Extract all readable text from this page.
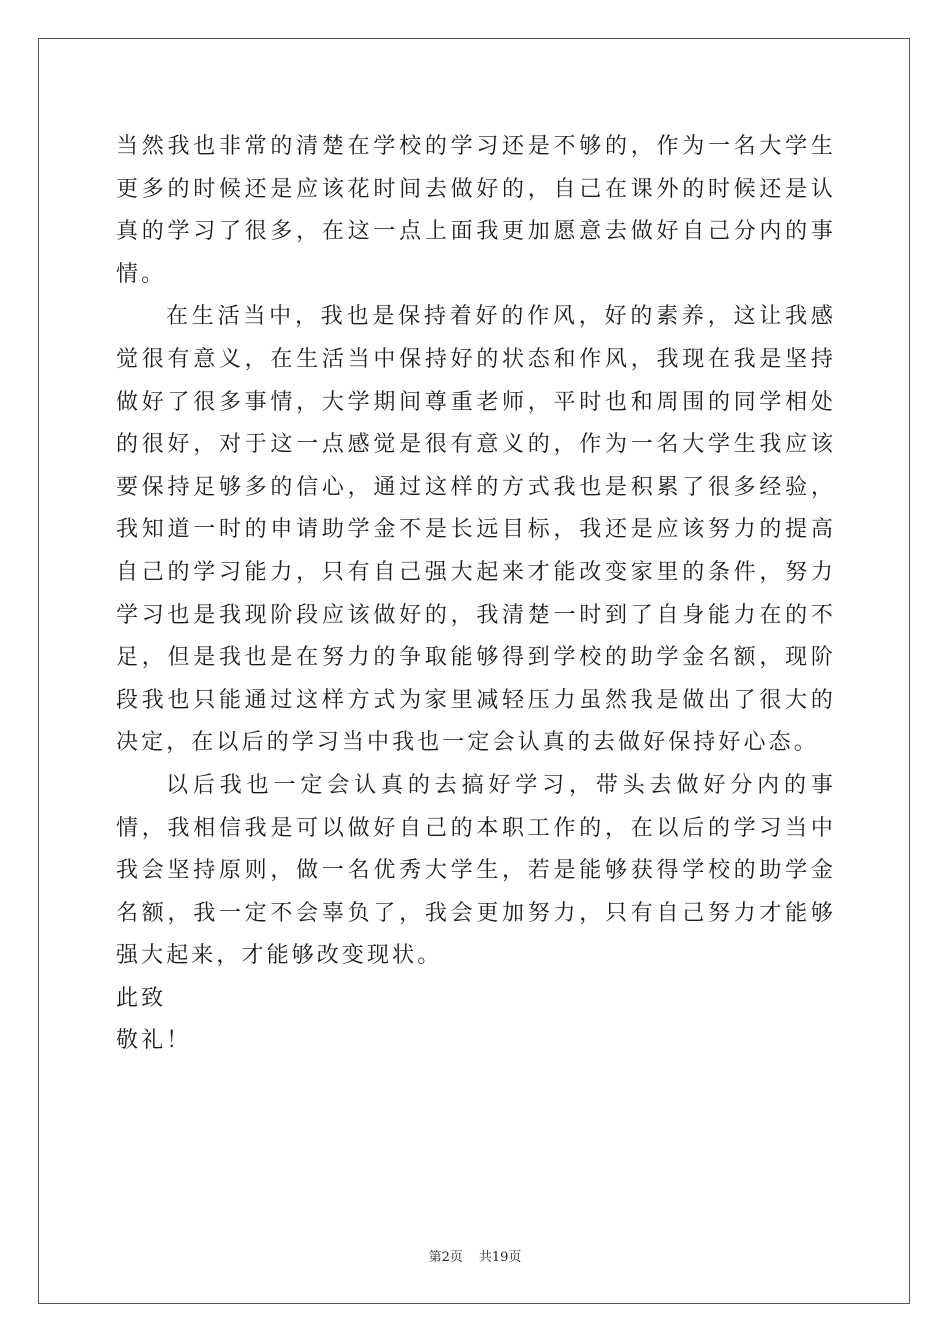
当然我也非常的清楚在学校的学习还是不够的，作为一名大学生更多的时候还是应该花时间去做好的，自己在课外的时候还是认真的学习了很多，在这一点上面我更加愿意去做好自己分内的事情。

在生活当中，我也是保持着好的作风，好的素养，这让我感觉很有意义，在生活当中保持好的状态和作风，我现在我是坚持做好了很多事情，大学期间尊重老师，平时也和周围的同学相处的很好，对于这一点感觉是很有意义的，作为一名大学生我应该要保持足够多的信心，通过这样的方式我也是积累了很多经验，我知道一时的申请助学金不是长远目标，我还是应该努力的提高自己的学习能力，只有自己强大起来才能改变家里的条件，努力学习也是我现阶段应该做好的，我清楚一时到了自身能力在的不足，但是我也是在努力的争取能够得到学校的助学金名额，现阶段我也只能通过这样方式为家里减轻压力虽然我是做出了很大的决定，在以后的学习当中我也一定会认真的去做好保持好心态。

以后我也一定会认真的去搞好学习，带头去做好分内的事情，我相信我是可以做好自己的本职工作的，在以后的学习当中我会坚持原则，做一名优秀大学生，若是能够获得学校的助学金名额，我一定不会辜负了，我会更加努力，只有自己努力才能够强大起来，才能够改变现状。

此致

敬礼！

第2页 共19页
